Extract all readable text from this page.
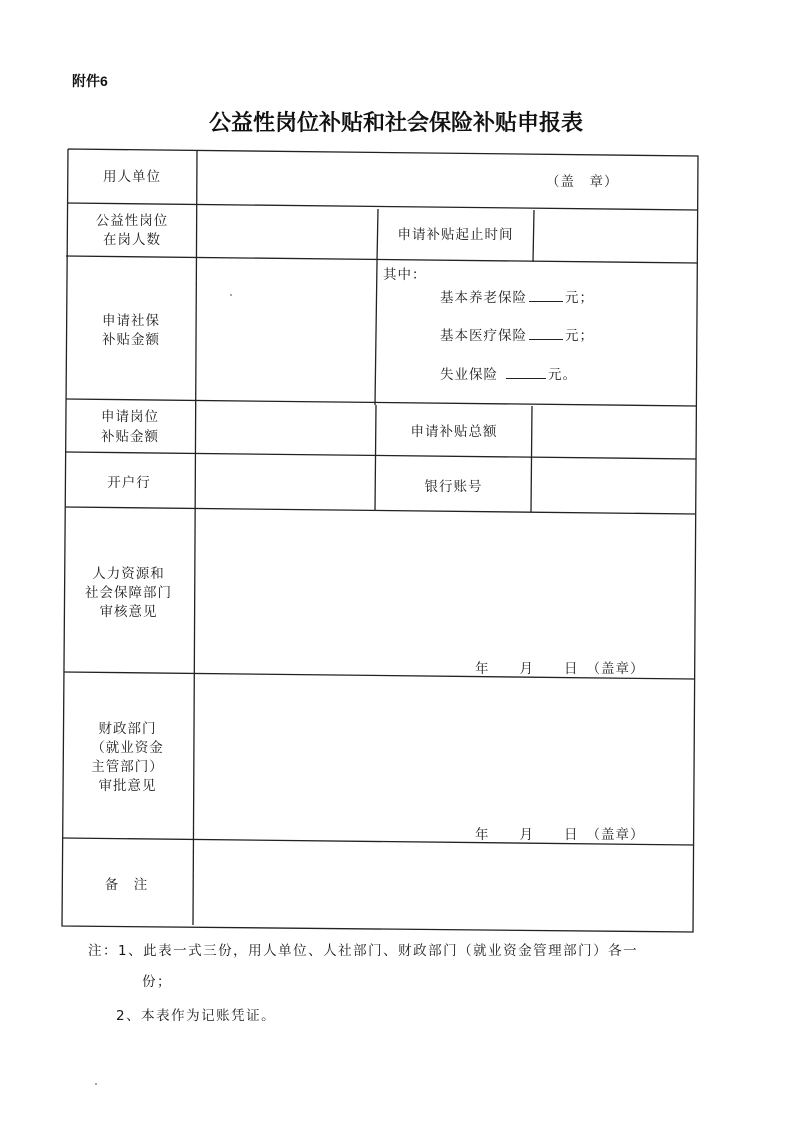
附件6
公益性岗位补贴和社会保险补贴申报表
用人单位	（盖　章）
公益性岗位
在岗人数	申请补贴起止时间
申请社保
补贴金额
其中：
基本养老保险	元；
基本医疗保险	元；
失业保险	元。
申请岗位
补贴金额	申请补贴总额
开户行	银行账号
人力资源和
社会保障部门
审核意见
年 月 日 （盖章）
财政部门
（就业资金
主管部门）
审批意见
年 月 日 （盖章）
备　注
注：1、此表一式三份，用人单位、人社部门、财政部门（就业资金管理部门）各一
份；
2、本表作为记账凭证。
